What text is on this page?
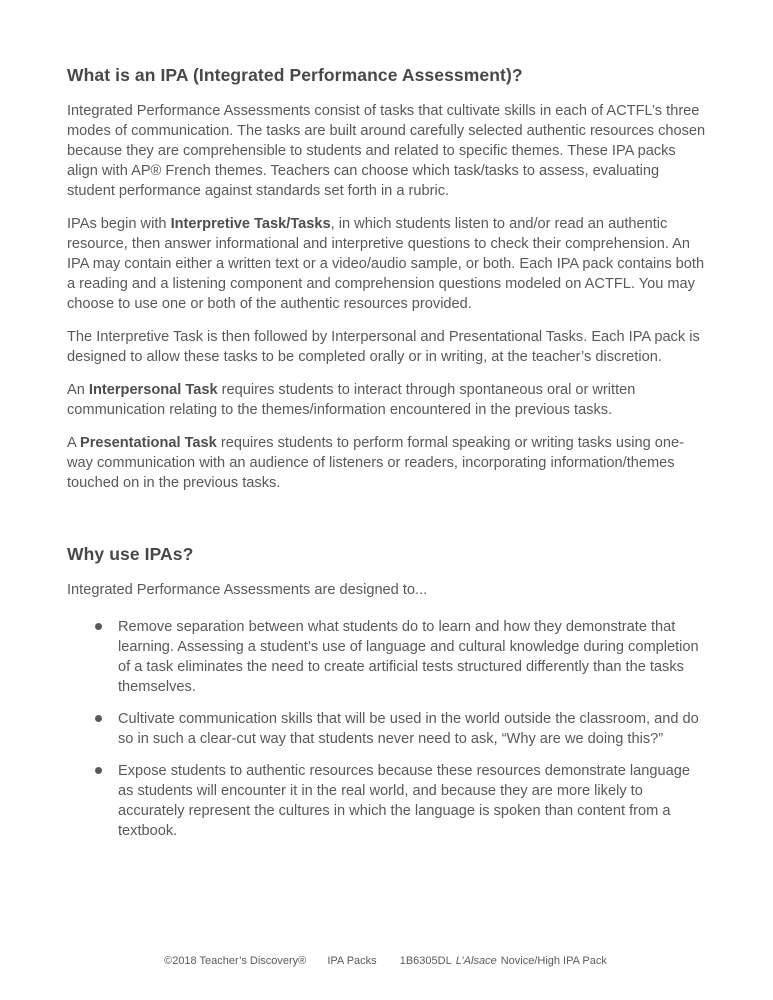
What is an IPA (Integrated Performance Assessment)?

Integrated Performance Assessments consist of tasks that cultivate skills in each of ACTFL’s three modes of communication. The tasks are built around carefully selected authentic resources chosen because they are comprehensible to students and related to specific themes. These IPA packs align with AP® French themes. Teachers can choose which task/tasks to assess, evaluating student performance against standards set forth in a rubric.

IPAs begin with Interpretive Task/Tasks, in which students listen to and/or read an authentic resource, then answer informational and interpretive questions to check their comprehension. An IPA may contain either a written text or a video/audio sample, or both. Each IPA pack contains both a reading and a listening component and comprehension questions modeled on ACTFL. You may choose to use one or both of the authentic resources provided.

The Interpretive Task is then followed by Interpersonal and Presentational Tasks. Each IPA pack is designed to allow these tasks to be completed orally or in writing, at the teacher’s discretion.

An Interpersonal Task requires students to interact through spontaneous oral or written communication relating to the themes/information encountered in the previous tasks.

A Presentational Task requires students to perform formal speaking or writing tasks using one-way communication with an audience of listeners or readers, incorporating information/themes touched on in the previous tasks.

Why use IPAs?

Integrated Performance Assessments are designed to...

Remove separation between what students do to learn and how they demonstrate that learning. Assessing a student’s use of language and cultural knowledge during completion of a task eliminates the need to create artificial tests structured differently than the tasks themselves.
Cultivate communication skills that will be used in the world outside the classroom, and do so in such a clear-cut way that students never need to ask, “Why are we doing this?”
Expose students to authentic resources because these resources demonstrate language as students will encounter it in the real world, and because they are more likely to accurately represent the cultures in which the language is spoken than content from a textbook.
©2018 Teacher’s Discovery® IPA Packs 1B6305DL L’Alsace Novice/High IPA Pack
